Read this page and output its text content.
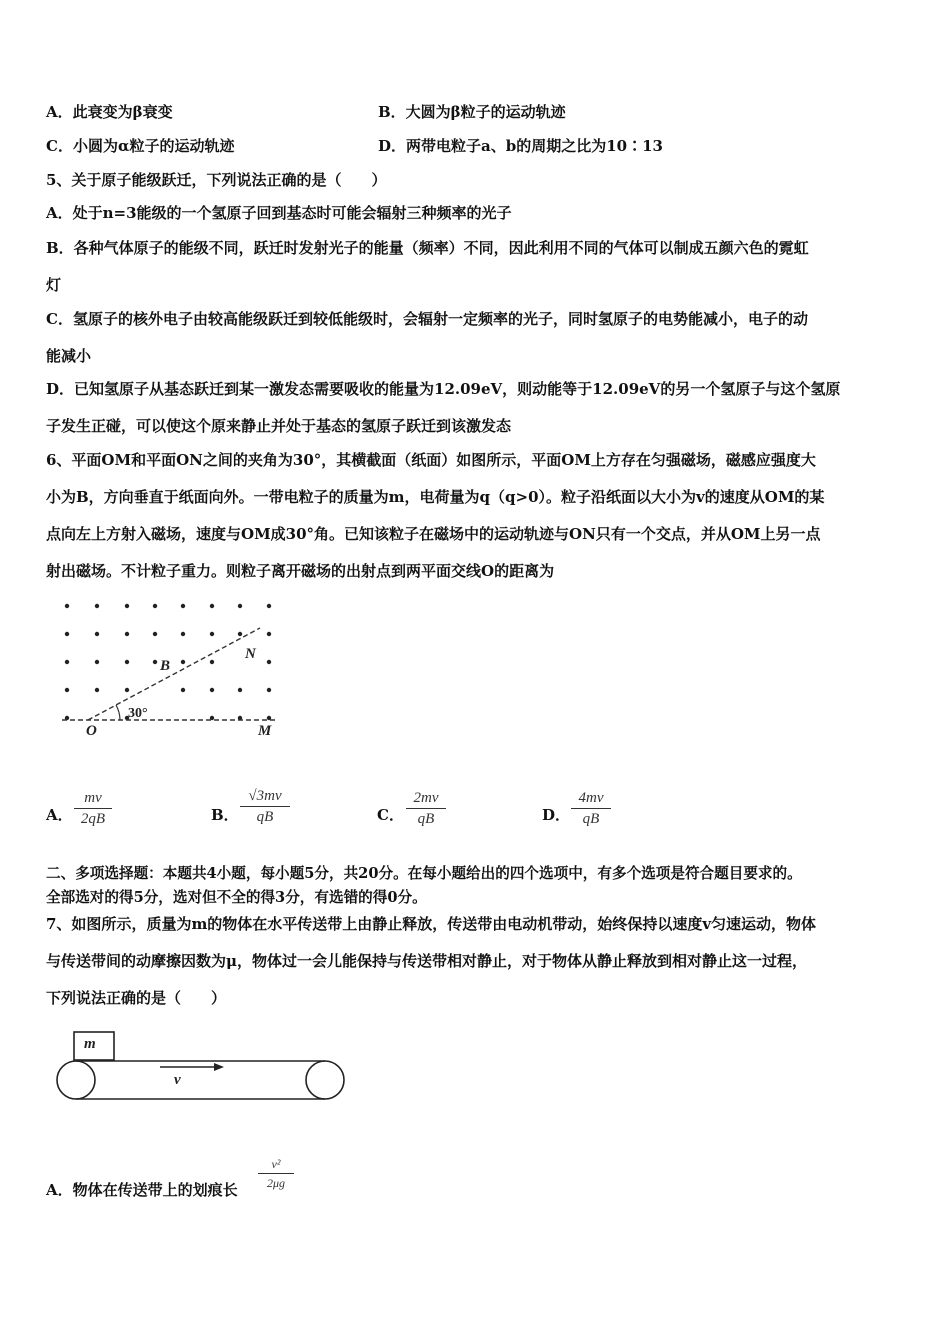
A．此衰变为β衰变	B．大圆为β粒子的运动轨迹
C．小圆为α粒子的运动轨迹	D．两带电粒子a、b的周期之比为10∶13
5、关于原子能级跃迁，下列说法正确的是（　　）
A．处于n=3能级的一个氢原子回到基态时可能会辐射三种频率的光子
B．各种气体原子的能级不同，跃迁时发射光子的能量（频率）不同，因此利用不同的气体可以制成五颜六色的霓虹
灯
C．氢原子的核外电子由较高能级跃迁到较低能级时，会辐射一定频率的光子，同时氢原子的电势能减小，电子的动
能减小
D．已知氢原子从基态跃迁到某一激发态需要吸收的能量为12.09eV，则动能等于12.09eV的另一个氢原子与这个氢原
子发生正碰，可以使这个原来静止并处于基态的氢原子跃迁到该激发态
6、平面OM和平面ON之间的夹角为30°，其横截面（纸面）如图所示，平面OM上方存在匀强磁场，磁感应强度大
小为B，方向垂直于纸面向外。一带电粒子的质量为m，电荷量为q（q>0）。粒子沿纸面以大小为v的速度从OM的某
点向左上方射入磁场，速度与OM成30°角。已知该粒子在磁场中的运动轨迹与ON只有一个交点，并从OM上另一点
射出磁场。不计粒子重力。则粒子离开磁场的出射点到两平面交线O的距离为
B
N
30°
O	M
A． $\frac{mv}{2qB}$	B． $\frac{√3mv}{qB}$	C． $\frac{2mv}{qB}$	D． $\frac{4mv}{qB}$
二、多项选择题：本题共4小题，每小题5分，共20分。在每小题给出的四个选项中，有多个选项是符合题目要求的。
全部选对的得5分，选对但不全的得3分，有选错的得0分。
7、如图所示，质量为m的物体在水平传送带上由静止释放，传送带由电动机带动，始终保持以速度v匀速运动，物体
与传送带间的动摩擦因数为μ，物体过一会儿能保持与传送带相对静止，对于物体从静止释放到相对静止这一过程，
下列说法正确的是（　　）
m
v
A．物体在传送带上的划痕长 $\frac{\text{v²}}{2\mu g}$
